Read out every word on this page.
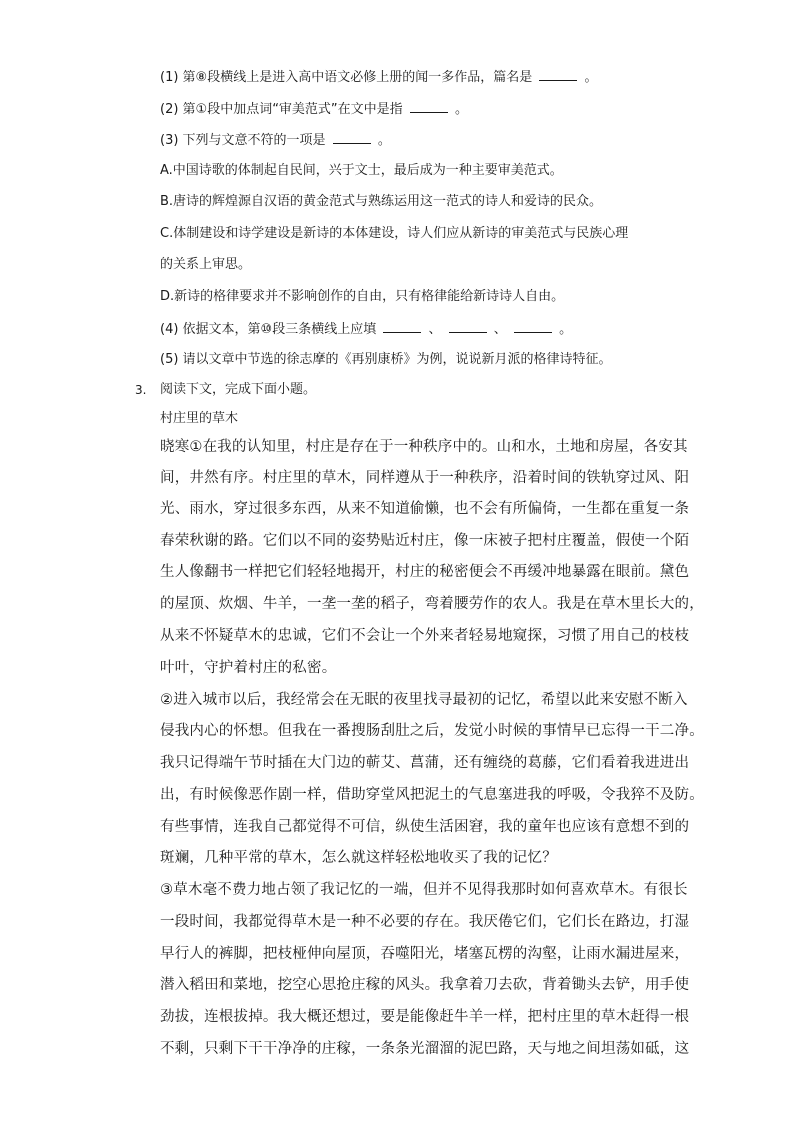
(1) 第⑧段横线上是进入高中语文必修上册的闻一多作品，篇名是	。
(2) 第①段中加点词“审美范式”在文中是指	。
(3) 下列与文意不符的一项是	。
A.中国诗歌的体制起自民间，兴于文士，最后成为一种主要审美范式。
B.唐诗的辉煌源自汉语的黄金范式与熟练运用这一范式的诗人和爱诗的民众。
C.体制建设和诗学建设是新诗的本体建设，诗人们应从新诗的审美范式与民族心理
的关系上审思。
D.新诗的格律要求并不影响创作的自由，只有格律能给新诗诗人自由。
(4) 依据文本，第⑩段三条横线上应填	、	、	。
(5) 请以文章中节选的徐志摩的《再别康桥》为例，说说新月派的格律诗特征。
3. 阅读下文，完成下面小题。
村庄里的草木
晓寒①在我的认知里，村庄是存在于一种秩序中的。山和水，土地和房屋，各安其
间，井然有序。村庄里的草木，同样遵从于一种秩序，沿着时间的铁轨穿过风、阳
光、雨水，穿过很多东西，从来不知道偷懒，也不会有所偏倚，一生都在重复一条
春荣秋谢的路。它们以不同的姿势贴近村庄，像一床被子把村庄覆盖，假使一个陌
生人像翻书一样把它们轻轻地揭开，村庄的秘密便会不再缓冲地暴露在眼前。黛色
的屋顶、炊烟、牛羊，一垄一垄的稻子，弯着腰劳作的农人。我是在草木里长大的，
从来不怀疑草木的忠诚，它们不会让一个外来者轻易地窥探，习惯了用自己的枝枝
叶叶，守护着村庄的私密。
②进入城市以后，我经常会在无眠的夜里找寻最初的记忆，希望以此来安慰不断入
侵我内心的怀想。但我在一番搜肠刮肚之后，发觉小时候的事情早已忘得一干二净。
我只记得端午节时插在大门边的蕲艾、菖蒲，还有缠绕的葛藤，它们看着我进进出
出，有时候像恶作剧一样，借助穿堂风把泥土的气息塞进我的呼吸，令我猝不及防。
有些事情，连我自己都觉得不可信，纵使生活困窘，我的童年也应该有意想不到的
斑斓，几种平常的草木，怎么就这样轻松地收买了我的记忆？
③草木毫不费力地占领了我记忆的一端，但并不见得我那时如何喜欢草木。有很长
一段时间，我都觉得草木是一种不必要的存在。我厌倦它们，它们长在路边，打湿
早行人的裤脚，把枝桠伸向屋顶，吞噬阳光，堵塞瓦楞的沟壑，让雨水漏进屋来，
潜入稻田和菜地，挖空心思抢庄稼的风头。我拿着刀去砍，背着锄头去铲，用手使
劲拔，连根拔掉。我大概还想过，要是能像赶牛羊一样，把村庄里的草木赶得一根
不剩，只剩下干干净净的庄稼，一条条光溜溜的泥巴路，天与地之间坦荡如砥，这
